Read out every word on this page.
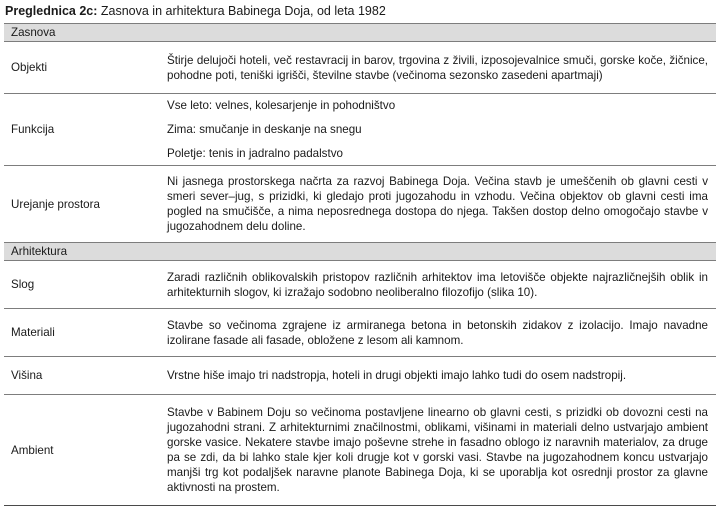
Preglednica 2c: Zasnova in arhitektura Babinega Doja, od leta 1982
Zasnova	
Objekti	Štirje delujoči hoteli, več restavracij in barov, trgovina z živili, izposojevalnice smuči, gorske koče, žičnice, pohodne poti, teniški igrišči, številne stavbe (večinoma sezonsko zasedeni apartmaji)
Funkcija	Vse leto: velnes, kolesarjenje in pohodništvo

Zima: smučanje in deskanje na snegu

Poletje: tenis in jadralno padalstvo

Urejanje prostora	Ni jasnega prostorskega načrta za razvoj Babinega Doja. Večina stavb je umeščenih ob glavni cesti v smeri sever–jug, s prizidki, ki gledajo proti jugozahodu in vzhodu. Večina objektov ob glavni cesti ima pogled na smučišče, a nima neposrednega dostopa do njega. Takšen dostop delno omogočajo stavbe v jugozahodnem delu doline.
Arhitektura	
Slog	Zaradi različnih oblikovalskih pristopov različnih arhitektov ima letovišče objekte najrazličnejših oblik in arhitekturnih slogov, ki izražajo sodobno neoliberalno filozofijo (slika 10).
Materiali	Stavbe so večinoma zgrajene iz armiranega betona in betonskih zidakov z izolacijo. Imajo navadne izolirane fasade ali fasade, obložene z lesom ali kamnom.
Višina	Vrstne hiše imajo tri nadstropja, hoteli in drugi objekti imajo lahko tudi do osem nadstropij.
Ambient	Stavbe v Babinem Doju so večinoma postavljene linearno ob glavni cesti, s prizidki ob dovozni cesti na jugozahodni strani. Z arhitekturnimi značilnostmi, oblikami, višinami in materiali delno ustvarjajo ambient gorske vasice. Nekatere stavbe imajo poševne strehe in fasadno oblogo iz naravnih materialov, za druge pa se zdi, da bi lahko stale kjer koli drugje kot v gorski vasi. Stavbe na jugozahodnem koncu ustvarjajo manjši trg kot podaljšek naravne planote Babinega Doja, ki se uporablja kot osrednji prostor za glavne aktivnosti na prostem.
